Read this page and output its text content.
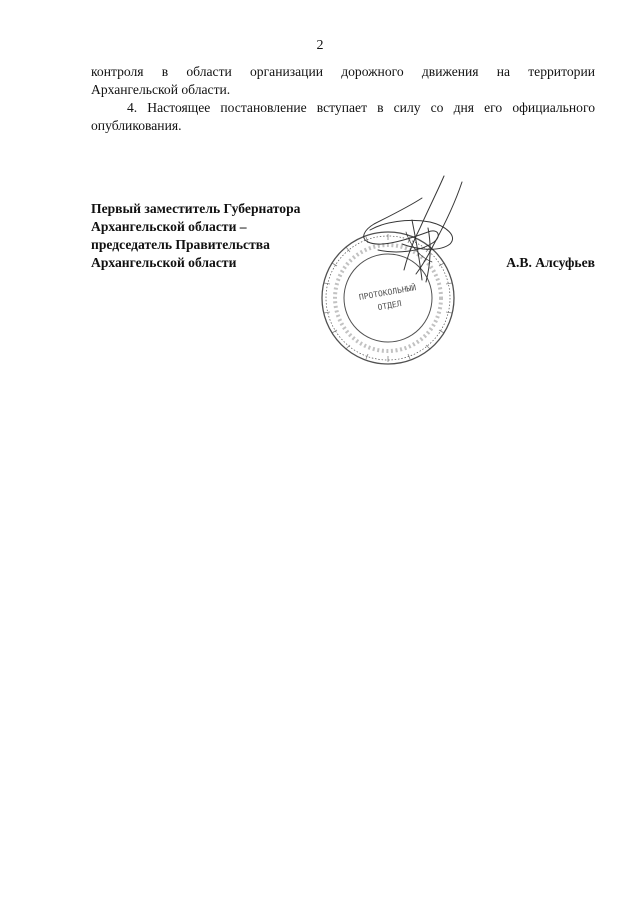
2

контроля в области организации дорожного движения на территории
Архангельской области.

4. Настоящее постановление вступает в силу со дня его официального
опубликования.

Первый заместитель Губернатора
Архангельской области –
председатель Правительства
Архангельской области	А.В. Алсуфьев
ПРОТОКОЛЬНЫЙ
ОТДЕЛ
